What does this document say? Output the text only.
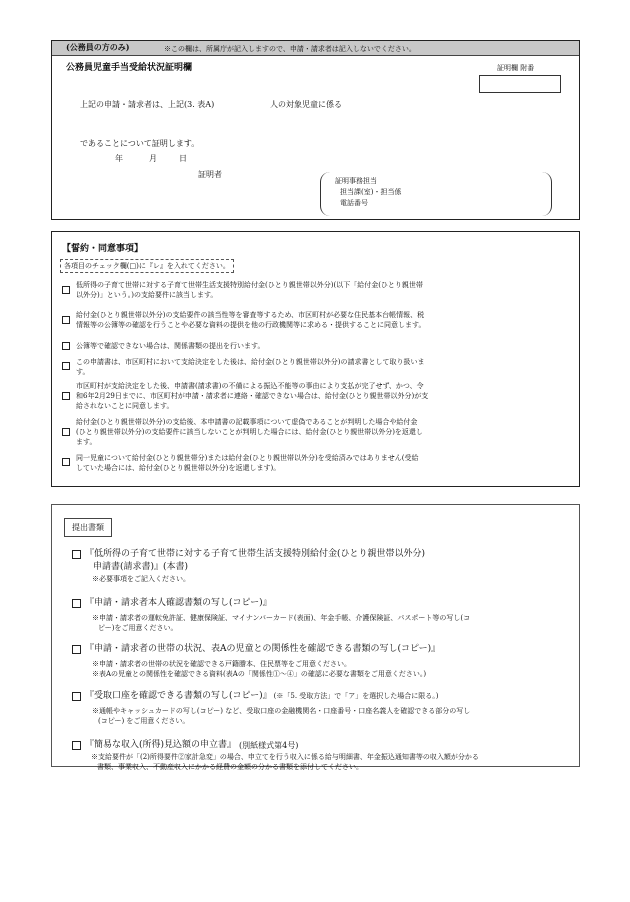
(公務員の方のみ)	※この欄は、所属庁が記入しますので、申請・請求者は記入しないでください。
公務員児童手当受給状況証明欄	証明欄 附番
上記の申請・請求者は、上記(3. 表A)	人の対象児童に係る
であることについて証明します。
年	月	日
証明者
証明事務担当
担当課(室)・担当係
電話番号
【誓約・同意事項】
各項目のチェック欄(□)に『レ』を入れてください。
低所得の子育て世帯に対する子育て世帯生活支援特別給付金(ひとり親世帯以外分)(以下「給付金(ひとり親世帯
以外分)」という。)の支給要件に該当します。
給付金(ひとり親世帯以外分)の支給要件の該当性等を審査等するため、市区町村が必要な住民基本台帳情報、税
情報等の公簿等の確認を行うことや必要な資料の提供を他の行政機関等に求める・提供することに同意します。
公簿等で確認できない場合は、関係書類の提出を行います。
この申請書は、市区町村において支給決定をした後は、給付金(ひとり親世帯以外分)の請求書として取り扱いま
す。
市区町村が支給決定をした後、申請書(請求書)の不備による振込不能等の事由により支払が完了せず、かつ、令
和6年2月29日までに、市区町村が申請・請求者に連絡・確認できない場合は、給付金(ひとり親世帯以外分)が支
給されないことに同意します。
給付金(ひとり親世帯以外分)の支給後、本申請書の記載事項について虚偽であることが判明した場合や給付金
(ひとり親世帯以外分)の支給要件に該当しないことが判明した場合には、給付金(ひとり親世帯以外分)を返還し
ます。
同一児童について給付金(ひとり親世帯分)または給付金(ひとり親世帯以外分)を受給済みではありません(受給
していた場合には、給付金(ひとり親世帯以外分)を返還します)。
提出書類
『低所得の子育て世帯に対する子育て世帯生活支援特別給付金(ひとり親世帯以外分)
申請書(請求書)』(本書)
※必要事項をご記入ください。
『申請・請求者本人確認書類の写し(コピー)』
※申請・請求者の運転免許証、健康保険証、マイナンバーカード(表面)、年金手帳、介護保険証、パスポート等の写し(コ
ピー)をご用意ください。
『申請・請求者の世帯の状況、表Aの児童との関係性を確認できる書類の写し(コピー)』
※申請・請求者の世帯の状況を確認できる戸籍謄本、住民票等をご用意ください。
※表Aの児童との関係性を確認できる資料(表Aの「関係性①～④」の確認に必要な書類をご用意ください。)
『受取口座を確認できる書類の写し(コピー)』 (※「5. 受取方法」で「ア」を選択した場合に限る。)
※通帳やキャッシュカードの写し(コピー) など、受取口座の金融機関名・口座番号・口座名義人を確認できる部分の写し
(コピー) をご用意ください。
『簡易な収入(所得)見込額の申立書』 (別紙様式第4号)
※支給要件が「(2)所得要件②家計急変」の場合、申立てを行う収入に係る給与明細書、年金振込通知書等の収入額が分かる
書類、事業収入、不動産収入にかかる経費の金額の分かる書類を添付してください。
